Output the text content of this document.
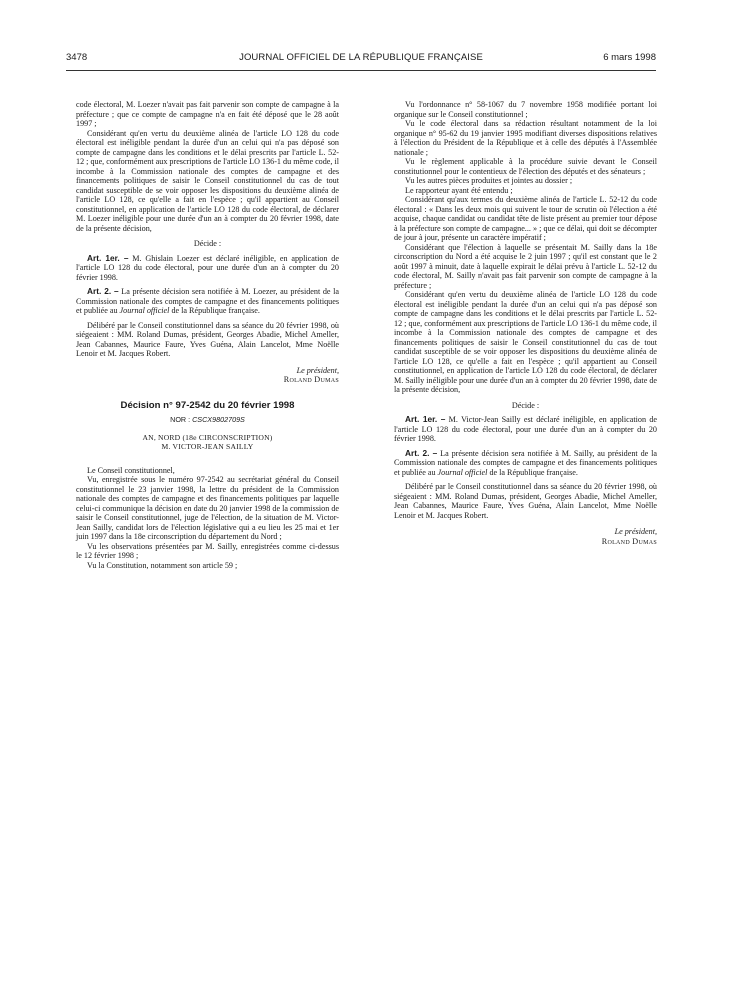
3478	JOURNAL OFFICIEL DE LA RÉPUBLIQUE FRANÇAISE	6 mars 1998

code électoral, M. Loezer n'avait pas fait parvenir son compte de campagne à la préfecture ; que ce compte de campagne n'a en fait été déposé que le 28 août 1997 ;

Considérant qu'en vertu du deuxième alinéa de l'article LO 128 du code électoral est inéligible pendant la durée d'un an celui qui n'a pas déposé son compte de campagne dans les conditions et le délai prescrits par l'article L. 52-12 ; que, conformément aux prescriptions de l'article LO 136-1 du même code, il incombe à la Commission nationale des comptes de campagne et des financements politiques de saisir le Conseil constitutionnel du cas de tout candidat susceptible de se voir opposer les dispositions du deuxième alinéa de l'article LO 128, ce qu'elle a fait en l'espèce ; qu'il appartient au Conseil constitutionnel, en application de l'article LO 128 du code électoral, de déclarer M. Loezer inéligible pour une durée d'un an à compter du 20 février 1998, date de la présente décision,

Décide :

Art. 1er. – M. Ghislain Loezer est déclaré inéligible, en application de l'article LO 128 du code électoral, pour une durée d'un an à compter du 20 février 1998.

Art. 2. – La présente décision sera notifiée à M. Loezer, au président de la Commission nationale des comptes de campagne et des financements politiques et publiée au Journal officiel de la République française.

Délibéré par le Conseil constitutionnel dans sa séance du 20 février 1998, où siégeaient : MM. Roland Dumas, président, Georges Abadie, Michel Ameller, Jean Cabannes, Maurice Faure, Yves Guéna, Alain Lancelot, Mme Noëlle Lenoir et M. Jacques Robert.

Le président,

Roland Dumas

Décision n° 97-2542 du 20 février 1998

NOR : CSCX9802709S

AN, NORD (18e CIRCONSCRIPTION)

M. VICTOR-JEAN SAILLY

Le Conseil constitutionnel,

Vu, enregistrée sous le numéro 97-2542 au secrétariat général du Conseil constitutionnel le 23 janvier 1998, la lettre du président de la Commission nationale des comptes de campagne et des financements politiques par laquelle celui-ci communique la décision en date du 20 janvier 1998 de la commission de saisir le Conseil constitutionnel, juge de l'élection, de la situation de M. Victor-Jean Sailly, candidat lors de l'élection législative qui a eu lieu les 25 mai et 1er juin 1997 dans la 18e circonscription du département du Nord ;

Vu les observations présentées par M. Sailly, enregistrées comme ci-dessus le 12 février 1998 ;

Vu la Constitution, notamment son article 59 ;

Vu l'ordonnance n° 58-1067 du 7 novembre 1958 modifiée portant loi organique sur le Conseil constitutionnel ;

Vu le code électoral dans sa rédaction résultant notamment de la loi organique n° 95-62 du 19 janvier 1995 modifiant diverses dispositions relatives à l'élection du Président de la République et à celle des députés à l'Assemblée nationale ;

Vu le règlement applicable à la procédure suivie devant le Conseil constitutionnel pour le contentieux de l'élection des députés et des sénateurs ;

Vu les autres pièces produites et jointes au dossier ;

Le rapporteur ayant été entendu ;

Considérant qu'aux termes du deuxième alinéa de l'article L. 52-12 du code électoral : « Dans les deux mois qui suivent le tour de scrutin où l'élection a été acquise, chaque candidat ou candidat tête de liste présent au premier tour dépose à la préfecture son compte de campagne... » ; que ce délai, qui doit se décompter de jour à jour, présente un caractère impératif ;

Considérant que l'élection à laquelle se présentait M. Sailly dans la 18e circonscription du Nord a été acquise le 2 juin 1997 ; qu'il est constant que le 2 août 1997 à minuit, date à laquelle expirait le délai prévu à l'article L. 52-12 du code électoral, M. Sailly n'avait pas fait parvenir son compte de campagne à la préfecture ;

Considérant qu'en vertu du deuxième alinéa de l'article LO 128 du code électoral est inéligible pendant la durée d'un an celui qui n'a pas déposé son compte de campagne dans les conditions et le délai prescrits par l'article L. 52-12 ; que, conformément aux prescriptions de l'article LO 136-1 du même code, il incombe à la Commission nationale des comptes de campagne et des financements politiques de saisir le Conseil constitutionnel du cas de tout candidat susceptible de se voir opposer les dispositions du deuxième alinéa de l'article LO 128, ce qu'elle a fait en l'espèce ; qu'il appartient au Conseil constitutionnel, en application de l'article LO 128 du code électoral, de déclarer M. Sailly inéligible pour une durée d'un an à compter du 20 février 1998, date de la présente décision,

Décide :

Art. 1er. – M. Victor-Jean Sailly est déclaré inéligible, en application de l'article LO 128 du code électoral, pour une durée d'un an à compter du 20 février 1998.

Art. 2. – La présente décision sera notifiée à M. Sailly, au président de la Commission nationale des comptes de campagne et des financements politiques et publiée au Journal officiel de la République française.

Délibéré par le Conseil constitutionnel dans sa séance du 20 février 1998, où siégeaient : MM. Roland Dumas, président, Georges Abadie, Michel Ameller, Jean Cabannes, Maurice Faure, Yves Guéna, Alain Lancelot, Mme Noëlle Lenoir et M. Jacques Robert.

Le président,

Roland Dumas
